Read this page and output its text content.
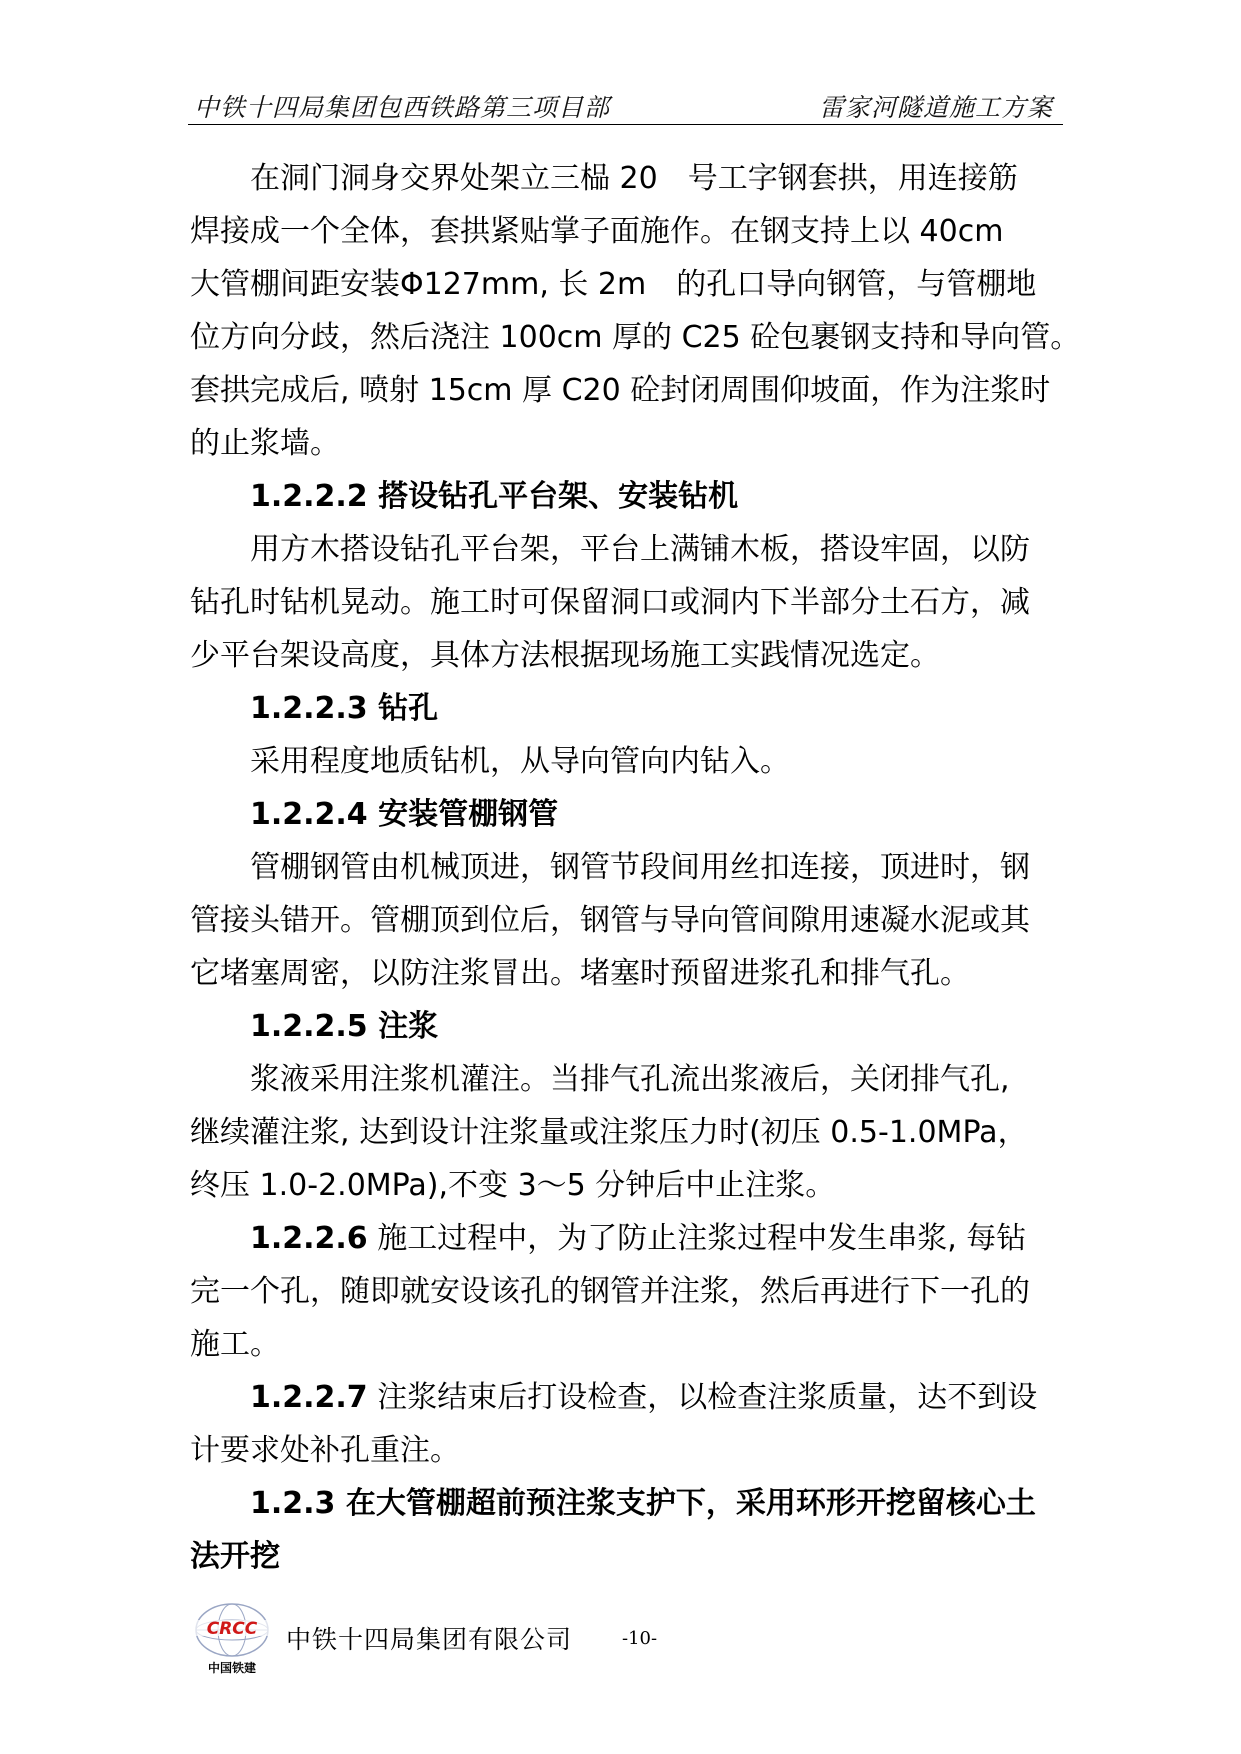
中铁十四局集团包西铁路第三项目部	雷家河隧道施工方案

在洞门洞身交界处架立三榀 20　号工字钢套拱，用连接筋

焊接成一个全体，套拱紧贴掌子面施作。在钢支持上以 40cm

大管棚间距安装Φ127mm, 长 2m　的孔口导向钢管，与管棚地

位方向分歧，然后浇注 100cm 厚的 C25 砼包裹钢支持和导向管。

套拱完成后, 喷射 15cm 厚 C20 砼封闭周围仰坡面，作为注浆时

的止浆墙。

1.2.2.2 搭设钻孔平台架、安装钻机

用方木搭设钻孔平台架，平台上满铺木板，搭设牢固，以防

钻孔时钻机晃动。施工时可保留洞口或洞内下半部分土石方，减

少平台架设高度，具体方法根据现场施工实践情况选定。

1.2.2.3 钻孔

采用程度地质钻机，从导向管向内钻入。

1.2.2.4 安装管棚钢管

管棚钢管由机械顶进，钢管节段间用丝扣连接，顶进时，钢

管接头错开。管棚顶到位后，钢管与导向管间隙用速凝水泥或其

它堵塞周密，以防注浆冒出。堵塞时预留进浆孔和排气孔。

1.2.2.5 注浆

浆液采用注浆机灌注。当排气孔流出浆液后，关闭排气孔,

继续灌注浆, 达到设计注浆量或注浆压力时(初压 0.5-1.0MPa，

终压 1.0-2.0MPa),不变 3～5 分钟后中止注浆。

1.2.2.6 施工过程中，为了防止注浆过程中发生串浆, 每钻

完一个孔，随即就安设该孔的钢管并注浆，然后再进行下一孔的

施工。

1.2.2.7 注浆结束后打设检查，以检查注浆质量，达不到设

计要求处补孔重注。

1.2.3 在大管棚超前预注浆支护下，采用环形开挖留核心土

法开挖

CRCC
中国铁建
中铁十四局集团有限公司	-10-
